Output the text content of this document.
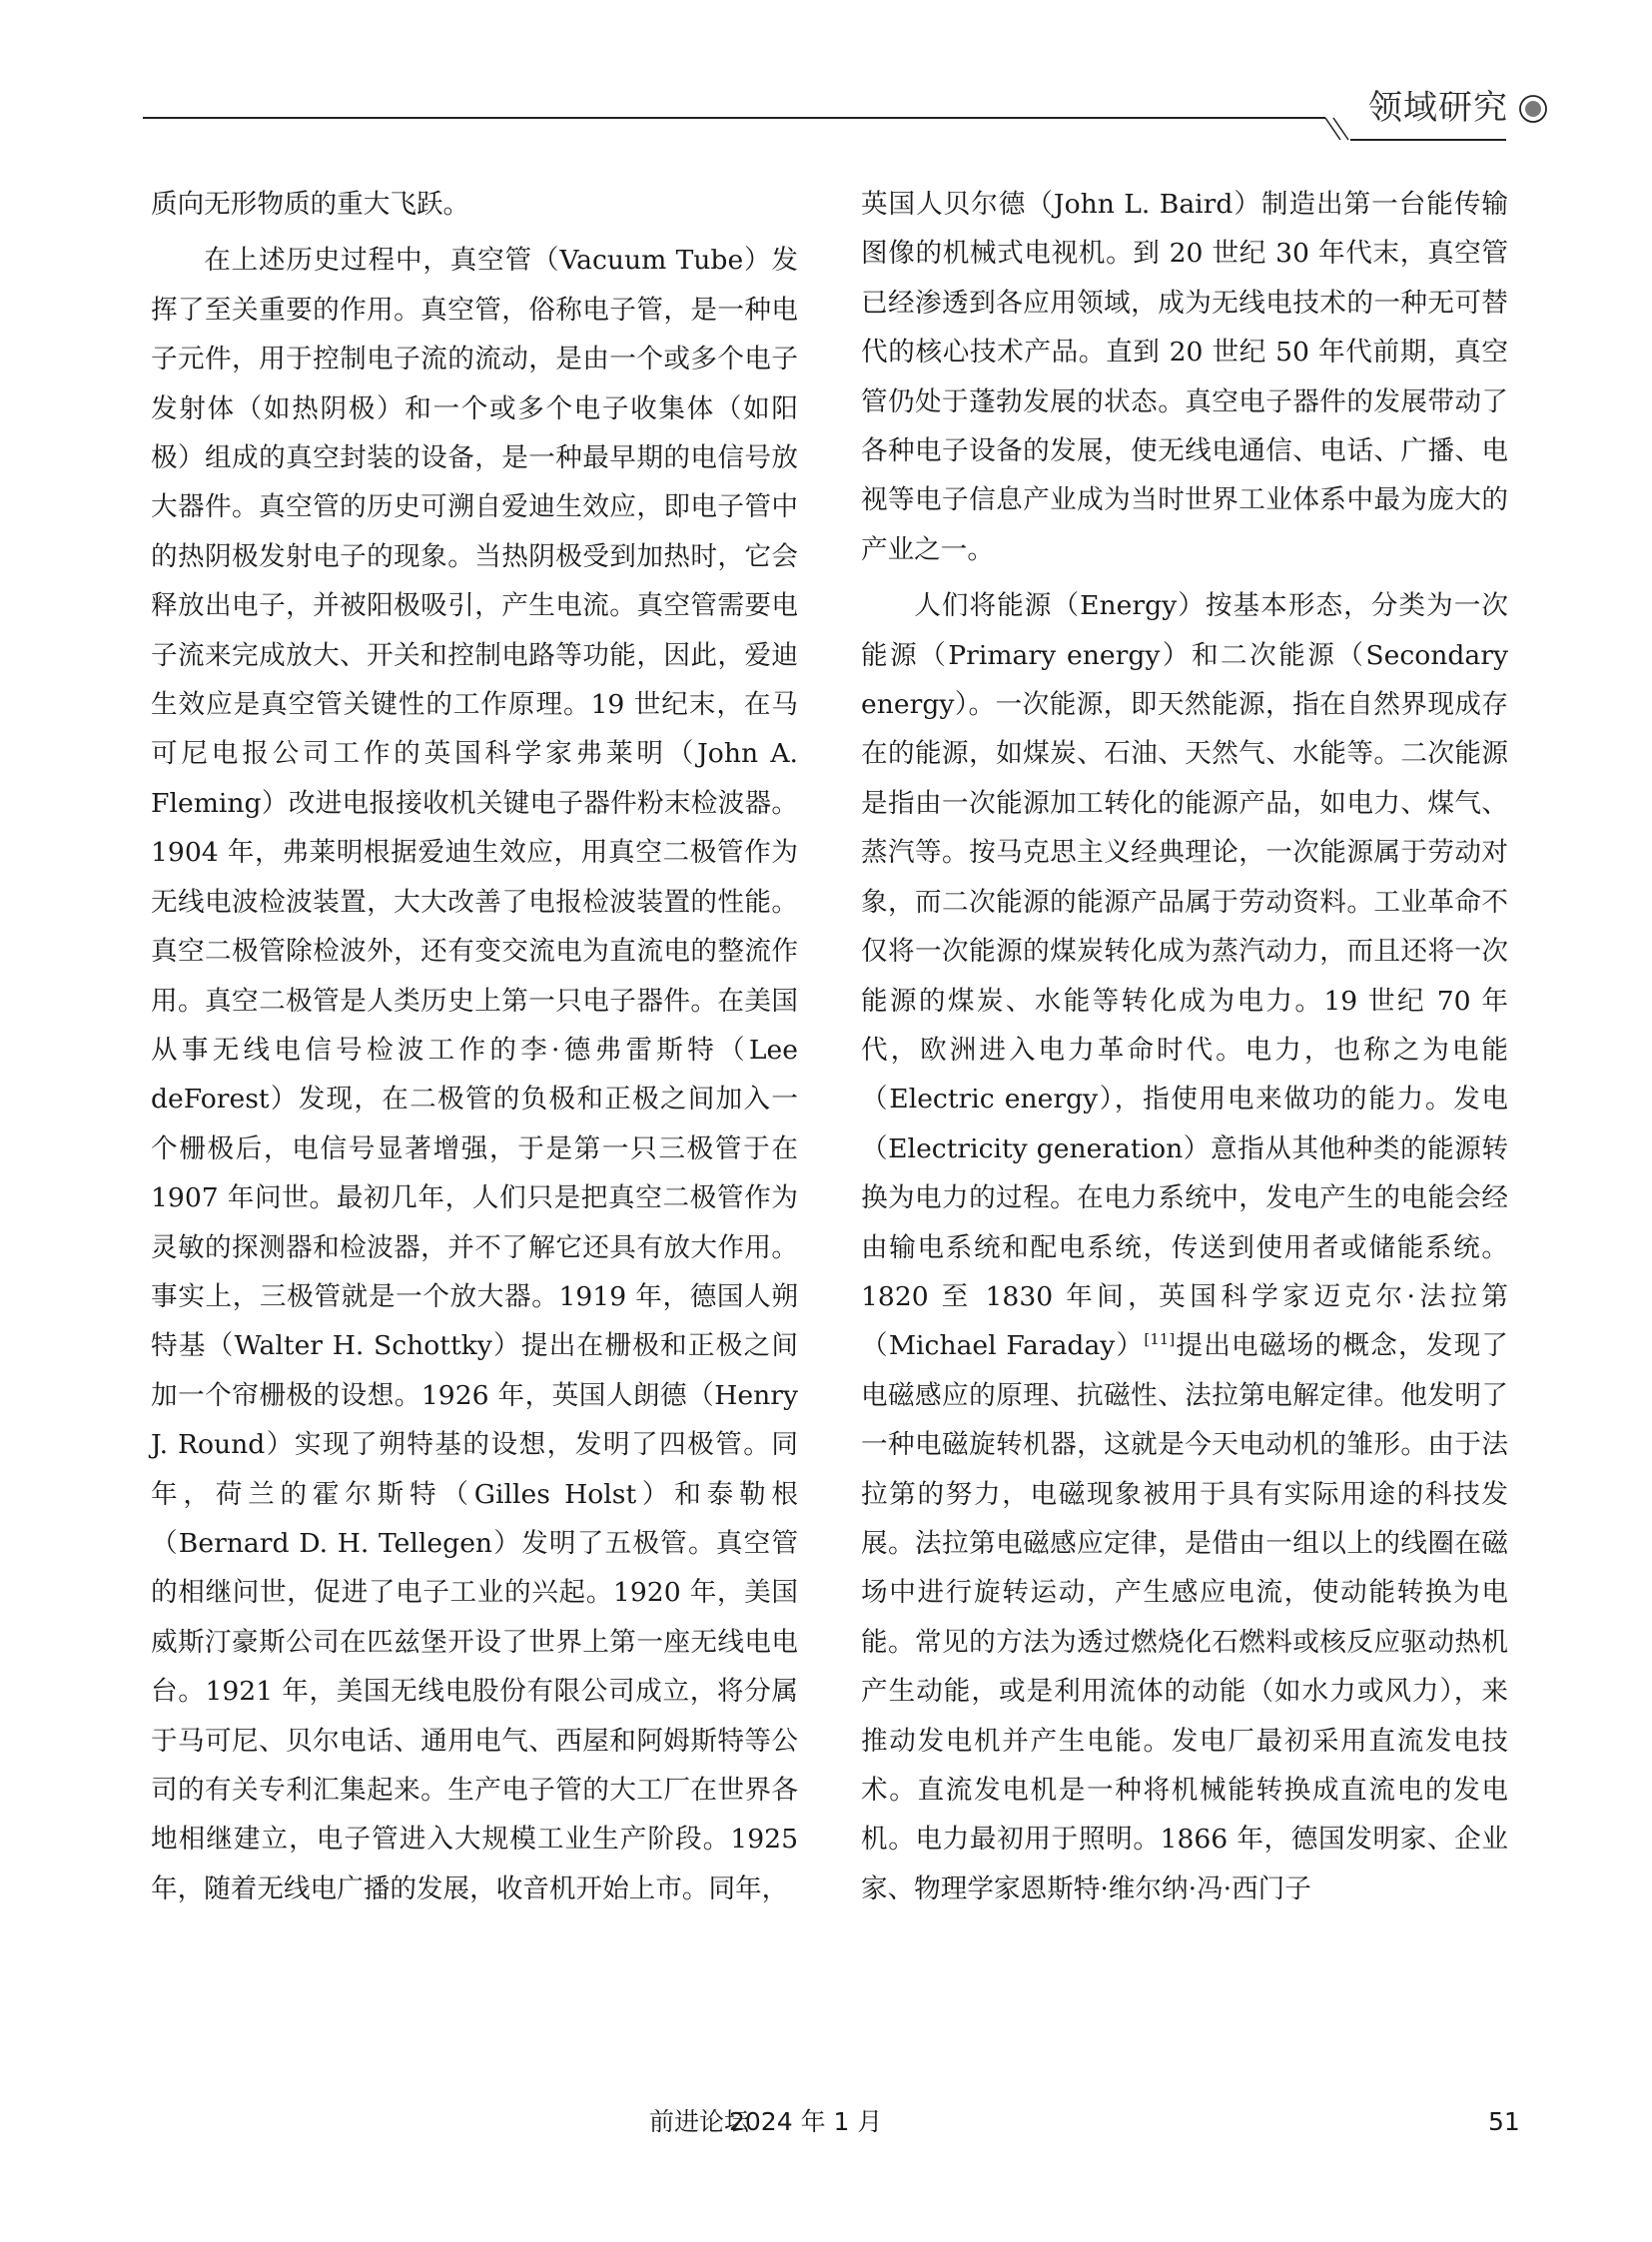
领域研究

质向无形物质的重大飞跃。

在上述历史过程中，真空管（Vacuum Tube）发挥了至关重要的作用。真空管，俗称电子管，是一种电子元件，用于控制电子流的流动，是由一个或多个电子发射体（如热阴极）和一个或多个电子收集体（如阳极）组成的真空封装的设备，是一种最早期的电信号放大器件。真空管的历史可溯自爱迪生效应，即电子管中的热阴极发射电子的现象。当热阴极受到加热时，它会释放出电子，并被阳极吸引，产生电流。真空管需要电子流来完成放大、开关和控制电路等功能，因此，爱迪生效应是真空管关键性的工作原理。19 世纪末，在马可尼电报公司工作的英国科学家弗莱明（John A. Fleming）改进电报接收机关键电子器件粉末检波器。1904 年，弗莱明根据爱迪生效应，用真空二极管作为无线电波检波装置，大大改善了电报检波装置的性能。真空二极管除检波外，还有变交流电为直流电的整流作用。真空二极管是人类历史上第一只电子器件。在美国从事无线电信号检波工作的李·德弗雷斯特（Lee deForest）发现，在二极管的负极和正极之间加入一个栅极后，电信号显著增强，于是第一只三极管于在 1907 年问世。最初几年，人们只是把真空二极管作为灵敏的探测器和检波器，并不了解它还具有放大作用。事实上，三极管就是一个放大器。1919 年，德国人朔特基（Walter H. Schottky）提出在栅极和正极之间加一个帘栅极的设想。1926 年，英国人朗德（Henry J. Round）实现了朔特基的设想，发明了四极管。同年，荷兰的霍尔斯特（Gilles Holst）和泰勒根（Bernard D. H. Tellegen）发明了五极管。真空管的相继问世，促进了电子工业的兴起。1920 年，美国威斯汀豪斯公司在匹兹堡开设了世界上第一座无线电电台。1921 年，美国无线电股份有限公司成立，将分属于马可尼、贝尔电话、通用电气、西屋和阿姆斯特等公司的有关专利汇集起来。生产电子管的大工厂在世界各地相继建立，电子管进入大规模工业生产阶段。1925 年，随着无线电广播的发展，收音机开始上市。同年，

英国人贝尔德（John L. Baird）制造出第一台能传输图像的机械式电视机。到 20 世纪 30 年代末，真空管已经渗透到各应用领域，成为无线电技术的一种无可替代的核心技术产品。直到 20 世纪 50 年代前期，真空管仍处于蓬勃发展的状态。真空电子器件的发展带动了各种电子设备的发展，使无线电通信、电话、广播、电视等电子信息产业成为当时世界工业体系中最为庞大的产业之一。

人们将能源（Energy）按基本形态，分类为一次能源（Primary energy）和二次能源（Secondary energy）。一次能源，即天然能源，指在自然界现成存在的能源，如煤炭、石油、天然气、水能等。二次能源是指由一次能源加工转化的能源产品，如电力、煤气、蒸汽等。按马克思主义经典理论，一次能源属于劳动对象，而二次能源的能源产品属于劳动资料。工业革命不仅将一次能源的煤炭转化成为蒸汽动力，而且还将一次能源的煤炭、水能等转化成为电力。19 世纪 70 年代，欧洲进入电力革命时代。电力，也称之为电能（Electric energy），指使用电来做功的能力。发电（Electricity generation）意指从其他种类的能源转换为电力的过程。在电力系统中，发电产生的电能会经由输电系统和配电系统，传送到使用者或储能系统。1820 至 1830 年间，英国科学家迈克尔·法拉第（Michael Faraday）[11]提出电磁场的概念，发现了电磁感应的原理、抗磁性、法拉第电解定律。他发明了一种电磁旋转机器，这就是今天电动机的雏形。由于法拉第的努力，电磁现象被用于具有实际用途的科技发展。法拉第电磁感应定律，是借由一组以上的线圈在磁场中进行旋转运动，产生感应电流，使动能转换为电能。常见的方法为透过燃烧化石燃料或核反应驱动热机产生动能，或是利用流体的动能（如水力或风力），来推动发电机并产生电能。发电厂最初采用直流发电技术。直流发电机是一种将机械能转换成直流电的发电机。电力最初用于照明。1866 年，德国发明家、企业家、物理学家恩斯特·维尔纳·冯·西门子

前进论坛
2024 年 1 月	51
